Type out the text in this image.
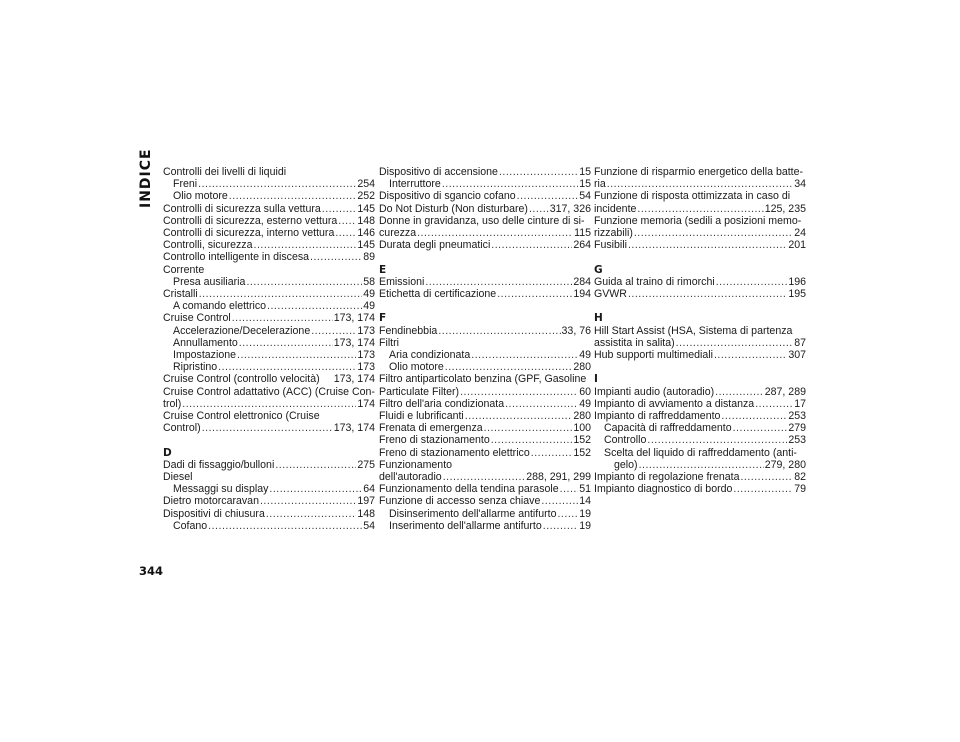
INDICE
344
Controlli dei livelli di liquidi
Freni .....	254
Olio motore .....	252
Controlli di sicurezza sulla vettura .....	145
Controlli di sicurezza, esterno vettura ..... 148
Controlli di sicurezza, interno vettura ..... 146
Controlli, sicurezza .....	145
Controllo intelligente in discesa .....	89
Corrente
Presa ausiliaria .....	58
Cristalli .....	49
A comando elettrico .....	49
Cruise Control .....	173, 174
Accelerazione/Decelerazione .....	173
Annullamento .....	173, 174
Impostazione .....	173
Ripristino .....	173
Cruise Control (controllo velocità) 173, 174
Cruise Control adattativo (ACC) (Cruise Con-
trol) .....	174
Cruise Control elettronico (Cruise
Control) .....	173, 174
D
Dadi di fissaggio/bulloni .....	275
Diesel
Messaggi su display .....	64
Dietro motorcaravan .....	197
Dispositivi di chiusura .....	148
Cofano .....	54
Dispositivo di accensione .....	15
Interruttore .....	15
Dispositivo di sgancio cofano .....	54
Do Not Disturb (Non disturbare) ..... 317, 326
Donne in gravidanza, uso delle cinture di si-
curezza .....	115
Durata degli pneumatici .....	264
E
Emissioni .....	284
Etichetta di certificazione .....	194
F
Fendinebbia .....	33, 76
Filtri
Aria condizionata .....	49
Olio motore .....	280
Filtro antiparticolato benzina (GPF, Gasoline
Particulate Filter) .....	60
Filtro dell'aria condizionata .....	49
Fluidi e lubrificanti .....	280
Frenata di emergenza .....	100
Freno di stazionamento .....	152
Freno di stazionamento elettrico .....	152
Funzionamento
dell'autoradio .....	288, 291, 299
Funzionamento della tendina parasole ..... 51
Funzione di accesso senza chiave .....	14
Disinserimento dell'allarme antifurto ..... 19
Inserimento dell'allarme antifurto .....	19
Funzione di risparmio energetico della batte-
ria .....	34
Funzione di risposta ottimizzata in caso di
incidente .....	125, 235
Funzione memoria (sedili a posizioni memo-
rizzabili) .....	24
Fusibili .....	201
G
Guida al traino di rimorchi .....	196
GVWR .....	195
H
Hill Start Assist (HSA, Sistema di partenza
assistita in salita) .....	87
Hub supporti multimediali .....	307
I
Impianti audio (autoradio) .....	287, 289
Impianto di avviamento a distanza .....	17
Impianto di raffreddamento .....	253
Capacità di raffreddamento .....	279
Controllo .....	253
Scelta del liquido di raffreddamento (anti-
gelo) .....	279, 280
Impianto di regolazione frenata .....	82
Impianto diagnostico di bordo .....	79
